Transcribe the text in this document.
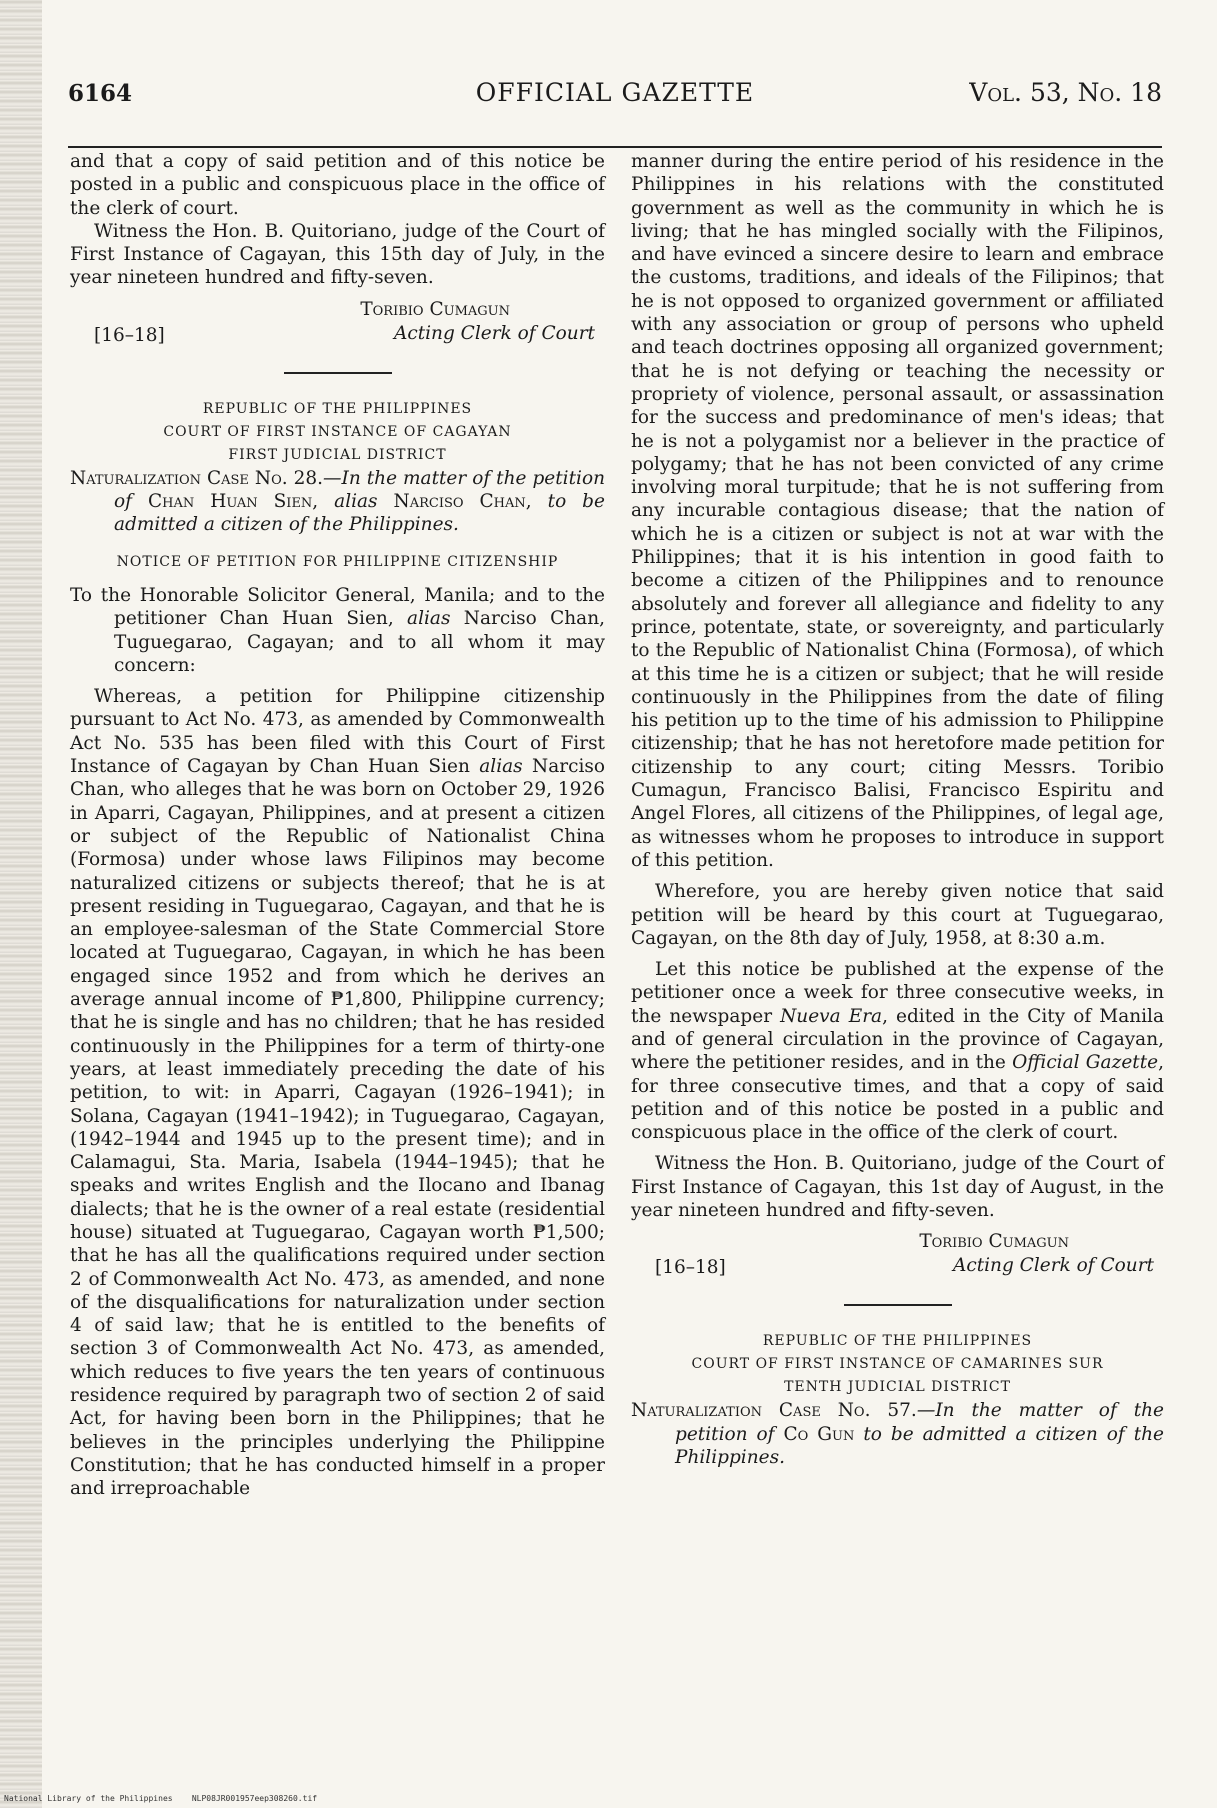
6164	OFFICIAL GAZETTE	Vol. 53, No. 18

and that a copy of said petition and of this notice be posted in a public and conspicuous place in the office of the clerk of court.

Witness the Hon. B. Quitoriano, judge of the Court of First Instance of Cagayan, this 15th day of July, in the year nineteen hundred and fifty-seven.

Toribio Cumagun
[16–18]	Acting Clerk of Court
REPUBLIC OF THE PHILIPPINES
COURT OF FIRST INSTANCE OF CAGAYAN
FIRST JUDICIAL DISTRICT

Naturalization Case No. 28.—In the matter of the petition of Chan Huan Sien, alias Narciso Chan, to be admitted a citizen of the Philippines.

NOTICE OF PETITION FOR PHILIPPINE CITIZENSHIP

To the Honorable Solicitor General, Manila; and to the petitioner Chan Huan Sien, alias Narciso Chan, Tuguegarao, Cagayan; and to all whom it may concern:

Whereas, a petition for Philippine citizenship pursuant to Act No. 473, as amended by Commonwealth Act No. 535 has been filed with this Court of First Instance of Cagayan by Chan Huan Sien alias Narciso Chan, who alleges that he was born on October 29, 1926 in Aparri, Cagayan, Philippines, and at present a citizen or subject of the Republic of Nationalist China (Formosa) under whose laws Filipinos may become naturalized citizens or subjects thereof; that he is at present residing in Tuguegarao, Cagayan, and that he is an employee-salesman of the State Commercial Store located at Tuguegarao, Cagayan, in which he has been engaged since 1952 and from which he derives an average annual income of ₱1,800, Philippine currency; that he is single and has no children; that he has resided continuously in the Philippines for a term of thirty-one years, at least immediately preceding the date of his petition, to wit: in Aparri, Cagayan (1926–1941); in Solana, Cagayan (1941–1942); in Tuguegarao, Cagayan, (1942–1944 and 1945 up to the present time); and in Calamagui, Sta. Maria, Isabela (1944–1945); that he speaks and writes English and the Ilocano and Ibanag dialects; that he is the owner of a real estate (residential house) situated at Tuguegarao, Cagayan worth ₱1,500; that he has all the qualifications required under section 2 of Commonwealth Act No. 473, as amended, and none of the disqualifications for naturalization under section 4 of said law; that he is entitled to the benefits of section 3 of Commonwealth Act No. 473, as amended, which reduces to five years the ten years of continuous residence required by paragraph two of section 2 of said Act, for having been born in the Philippines; that he believes in the principles underlying the Philippine Constitution; that he has conducted himself in a proper and irreproachable

manner during the entire period of his residence in the Philippines in his relations with the constituted government as well as the community in which he is living; that he has mingled socially with the Filipinos, and have evinced a sincere desire to learn and embrace the customs, traditions, and ideals of the Filipinos; that he is not opposed to organized government or affiliated with any association or group of persons who upheld and teach doctrines opposing all organized government; that he is not defying or teaching the necessity or propriety of violence, personal assault, or assassination for the success and predominance of men's ideas; that he is not a polygamist nor a believer in the practice of polygamy; that he has not been convicted of any crime involving moral turpitude; that he is not suffering from any incurable contagious disease; that the nation of which he is a citizen or subject is not at war with the Philippines; that it is his intention in good faith to become a citizen of the Philippines and to renounce absolutely and forever all allegiance and fidelity to any prince, potentate, state, or sovereignty, and particularly to the Republic of Nationalist China (Formosa), of which at this time he is a citizen or subject; that he will reside continuously in the Philippines from the date of filing his petition up to the time of his admission to Philippine citizenship; that he has not heretofore made petition for citizenship to any court; citing Messrs. Toribio Cumagun, Francisco Balisi, Francisco Espiritu and Angel Flores, all citizens of the Philippines, of legal age, as witnesses whom he proposes to introduce in support of this petition.

Wherefore, you are hereby given notice that said petition will be heard by this court at Tuguegarao, Cagayan, on the 8th day of July, 1958, at 8:30 a.m.

Let this notice be published at the expense of the petitioner once a week for three consecutive weeks, in the newspaper Nueva Era, edited in the City of Manila and of general circulation in the province of Cagayan, where the petitioner resides, and in the Official Gazette, for three consecutive times, and that a copy of said petition and of this notice be posted in a public and conspicuous place in the office of the clerk of court.

Witness the Hon. B. Quitoriano, judge of the Court of First Instance of Cagayan, this 1st day of August, in the year nineteen hundred and fifty-seven.

Toribio Cumagun
[16–18]	Acting Clerk of Court
REPUBLIC OF THE PHILIPPINES
COURT OF FIRST INSTANCE OF CAMARINES SUR
TENTH JUDICIAL DISTRICT

Naturalization Case No. 57.—In the matter of the petition of Co Gun to be admitted a citizen of the Philippines.

National Library of the Philippines NLP08JR001957eep308260.tif
